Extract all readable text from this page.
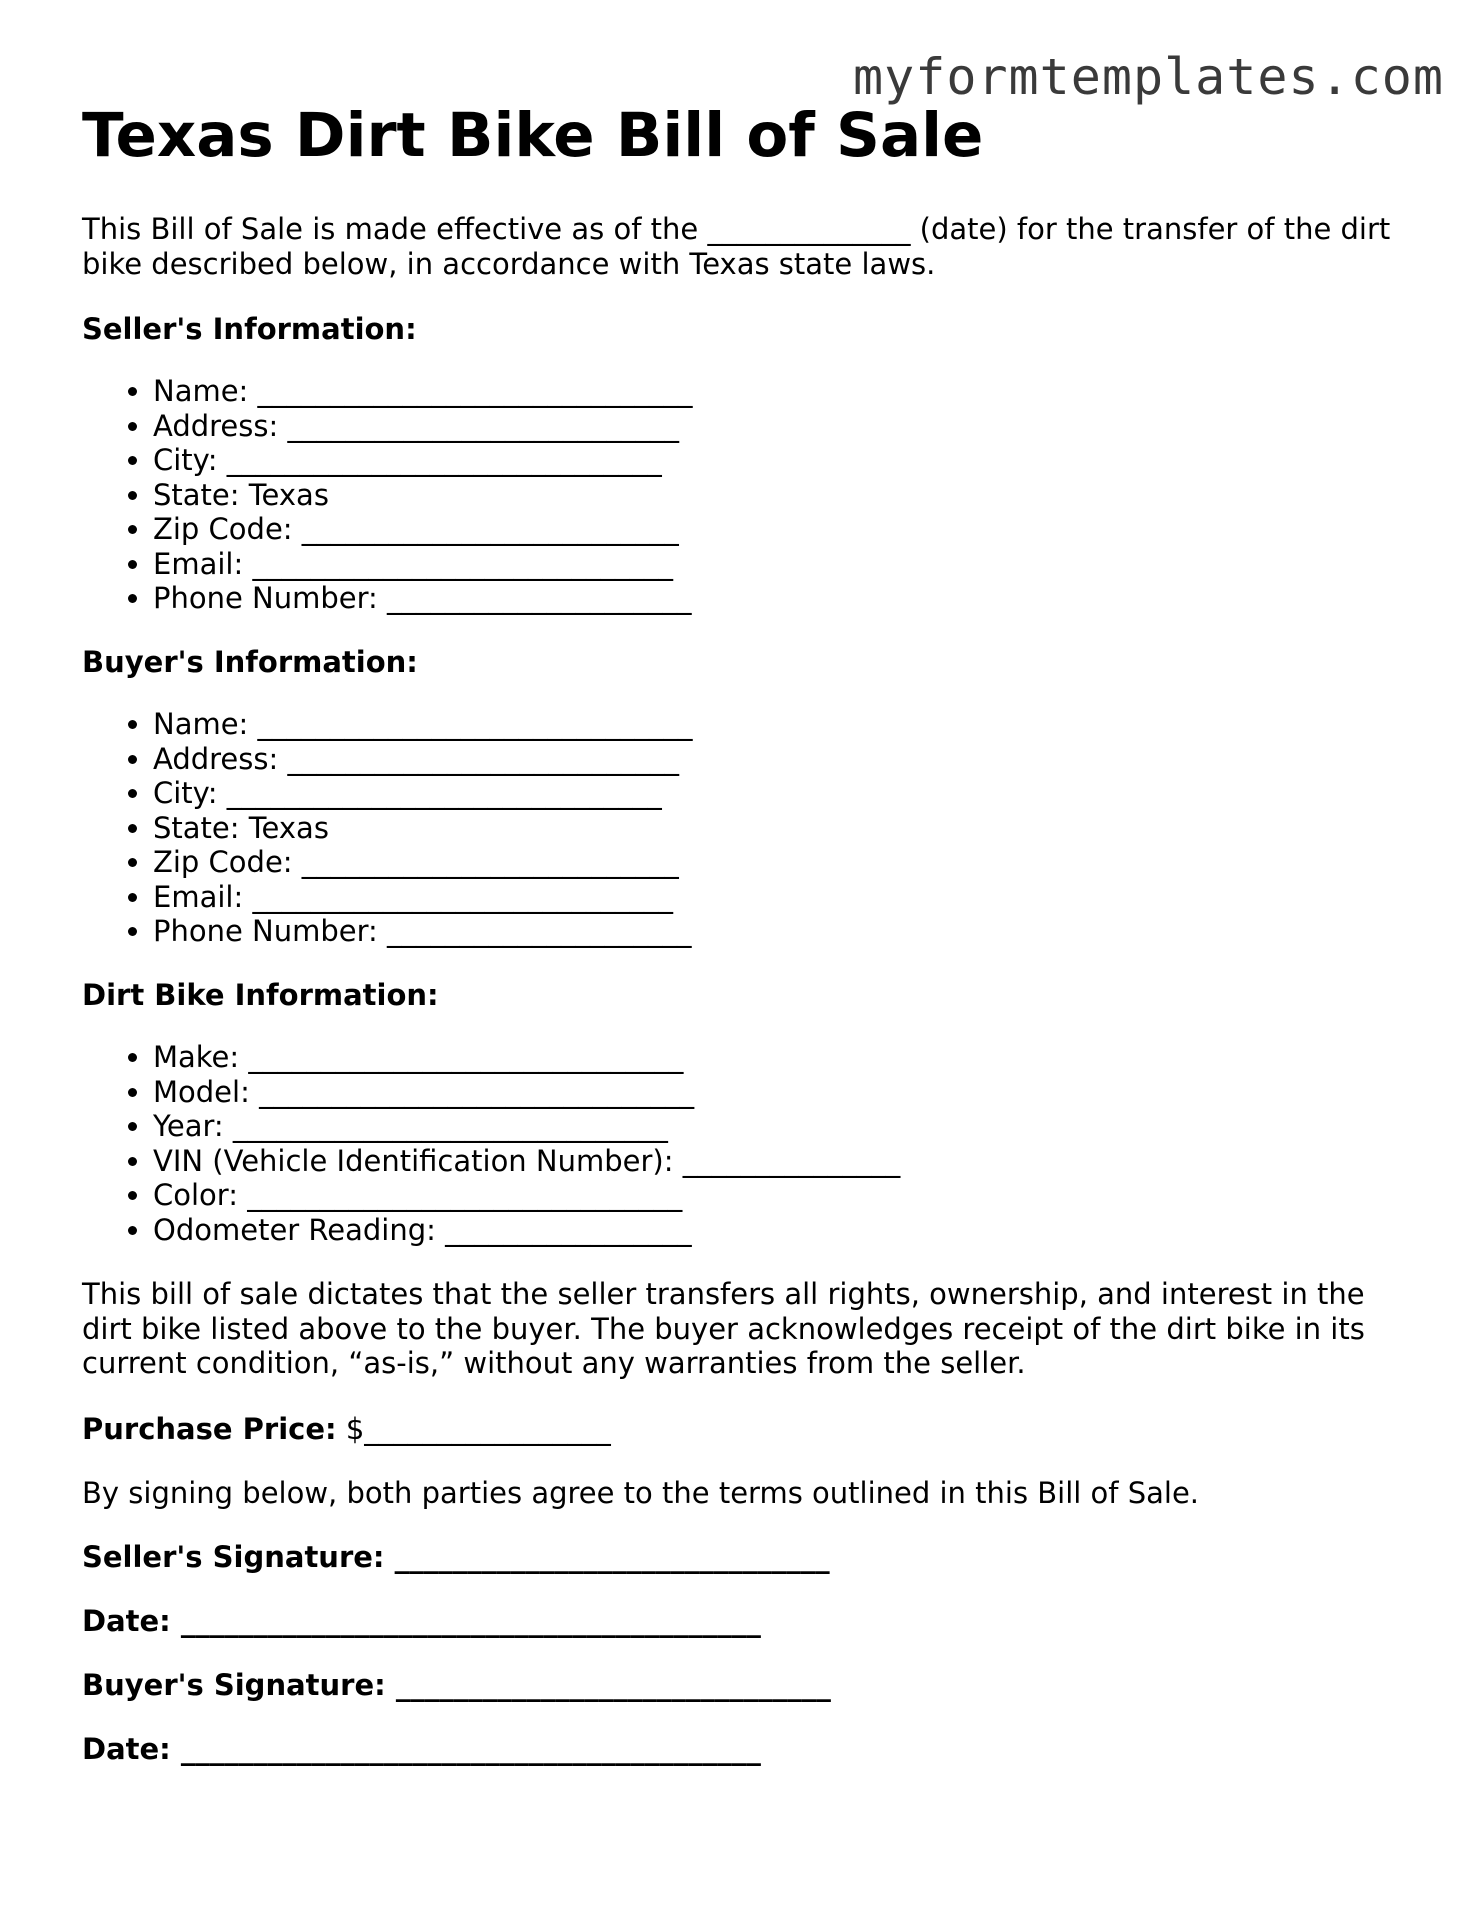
myformtemplates.com
Texas Dirt Bike Bill of Sale

This Bill of Sale is made effective as of the ______________ (date) for the transfer of the dirt bike described below, in accordance with Texas state laws.

Seller's Information:
• Name: ______________________________
• Address: ___________________________
• City: ______________________________
• State: Texas
• Zip Code: __________________________
• Email: _____________________________
• Phone Number: _____________________
Buyer's Information:
• Name: ______________________________
• Address: ___________________________
• City: ______________________________
• State: Texas
• Zip Code: __________________________
• Email: _____________________________
• Phone Number: _____________________
Dirt Bike Information:
• Make: ______________________________
• Model: ______________________________
• Year: ______________________________
• VIN (Vehicle Identification Number): _______________
• Color: ______________________________
• Odometer Reading: _________________

This bill of sale dictates that the seller transfers all rights, ownership, and interest in the dirt bike listed above to the buyer. The buyer acknowledges receipt of the dirt bike in its current condition, “as-is,” without any warranties from the seller.

Purchase Price: $_________________

By signing below, both parties agree to the terms outlined in this Bill of Sale.

Seller's Signature: ______________________________
Date: ________________________________________
Buyer's Signature: ______________________________
Date: ________________________________________
